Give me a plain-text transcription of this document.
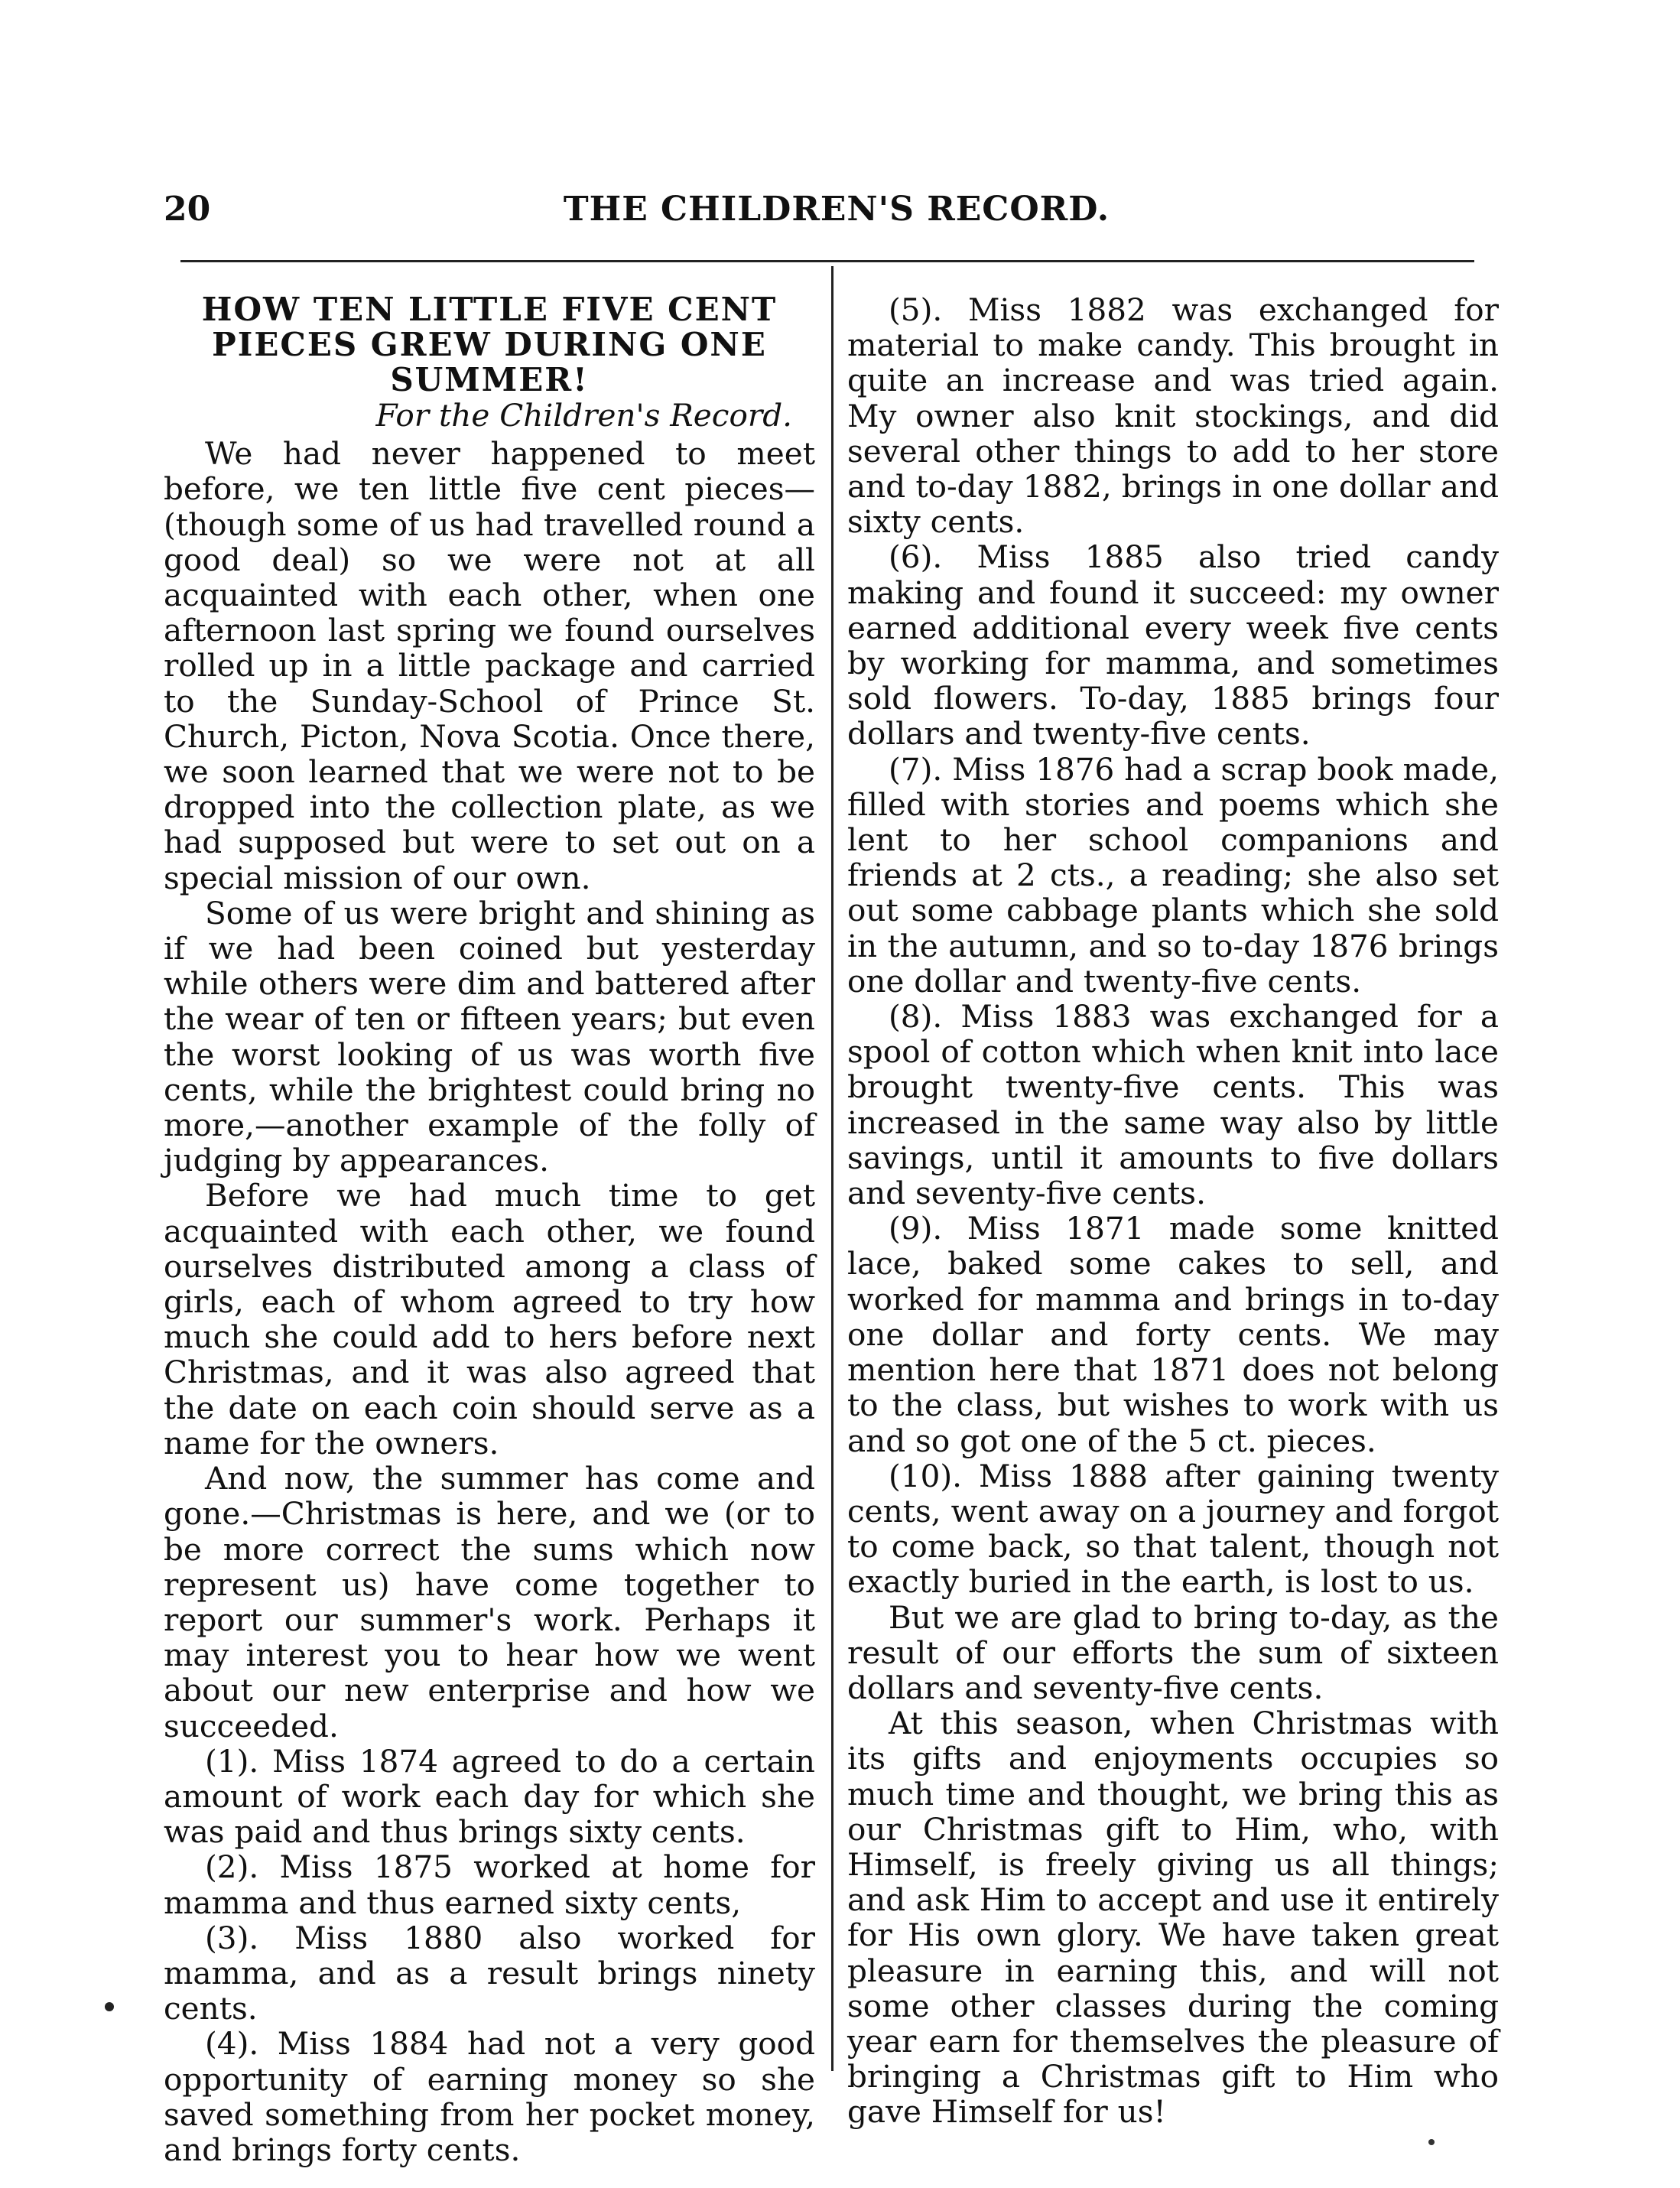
20	THE CHILDREN'S RECORD.

HOW TEN LITTLE FIVE CENT PIECES GREW DURING ONE SUMMER!

For the Children's Record.

We had never happened to meet before, we ten little five cent pieces—(though some of us had travelled round a good deal) so we were not at all acquainted with each other, when one afternoon last spring we found ourselves rolled up in a little package and carried to the Sunday-School of Prince St. Church, Picton, Nova Scotia. Once there, we soon learned that we were not to be dropped into the collection plate, as we had supposed but were to set out on a special mission of our own.

Some of us were bright and shining as if we had been coined but yesterday while others were dim and battered after the wear of ten or fifteen years; but even the worst looking of us was worth five cents, while the brightest could bring no more,—another example of the folly of judging by appearances.

Before we had much time to get acquainted with each other, we found ourselves distributed among a class of girls, each of whom agreed to try how much she could add to hers before next Christmas, and it was also agreed that the date on each coin should serve as a name for the owners.

And now, the summer has come and gone.—Christmas is here, and we (or to be more correct the sums which now represent us) have come together to report our summer's work. Perhaps it may interest you to hear how we went about our new enterprise and how we succeeded.

(1). Miss 1874 agreed to do a certain amount of work each day for which she was paid and thus brings sixty cents.

(2). Miss 1875 worked at home for mamma and thus earned sixty cents,

(3). Miss 1880 also worked for mamma, and as a result brings ninety cents.

(4). Miss 1884 had not a very good opportunity of earning money so she saved something from her pocket money, and brings forty cents.

(5). Miss 1882 was exchanged for material to make candy. This brought in quite an increase and was tried again. My owner also knit stockings, and did several other things to add to her store and to-day 1882, brings in one dollar and sixty cents.

(6). Miss 1885 also tried candy making and found it succeed: my owner earned additional every week five cents by working for mamma, and sometimes sold flowers. To-day, 1885 brings four dollars and twenty-five cents.

(7). Miss 1876 had a scrap book made, filled with stories and poems which she lent to her school companions and friends at 2 cts., a reading; she also set out some cabbage plants which she sold in the autumn, and so to-day 1876 brings one dollar and twenty-five cents.

(8). Miss 1883 was exchanged for a spool of cotton which when knit into lace brought twenty-five cents. This was increased in the same way also by little savings, until it amounts to five dollars and seventy-five cents.

(9). Miss 1871 made some knitted lace, baked some cakes to sell, and worked for mamma and brings in to-day one dollar and forty cents. We may mention here that 1871 does not belong to the class, but wishes to work with us and so got one of the 5 ct. pieces.

(10). Miss 1888 after gaining twenty cents, went away on a journey and forgot to come back, so that talent, though not exactly buried in the earth, is lost to us.

But we are glad to bring to-day, as the result of our efforts the sum of sixteen dollars and seventy-five cents.

At this season, when Christmas with its gifts and enjoyments occupies so much time and thought, we bring this as our Christmas gift to Him, who, with Himself, is freely giving us all things; and ask Him to accept and use it entirely for His own glory. We have taken great pleasure in earning this, and will not some other classes during the coming year earn for themselves the pleasure of bringing a Christmas gift to Him who gave Himself for us!
